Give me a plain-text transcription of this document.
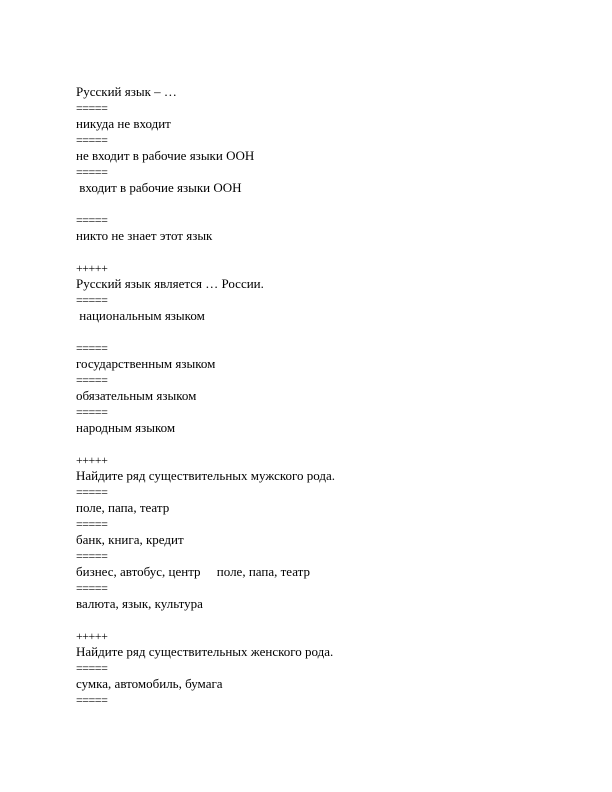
Русский язык – …
=====
никуда не входит
=====
не входит в рабочие языки ООН
=====
входит в рабочие языки ООН
=====
никто не знает этот язык
+++++
Русский язык является … России.
=====
национальным языком
=====
государственным языком
=====
обязательным языком
=====
народным языком
+++++
Найдите ряд существительных мужского рода.
=====
поле, папа, театр
=====
банк, книга, кредит
=====
бизнес, автобус, центр     поле, папа, театр
=====
валюта, язык, культура
+++++
Найдите ряд существительных женского рода.
=====
сумка, автомобиль, бумага
=====
